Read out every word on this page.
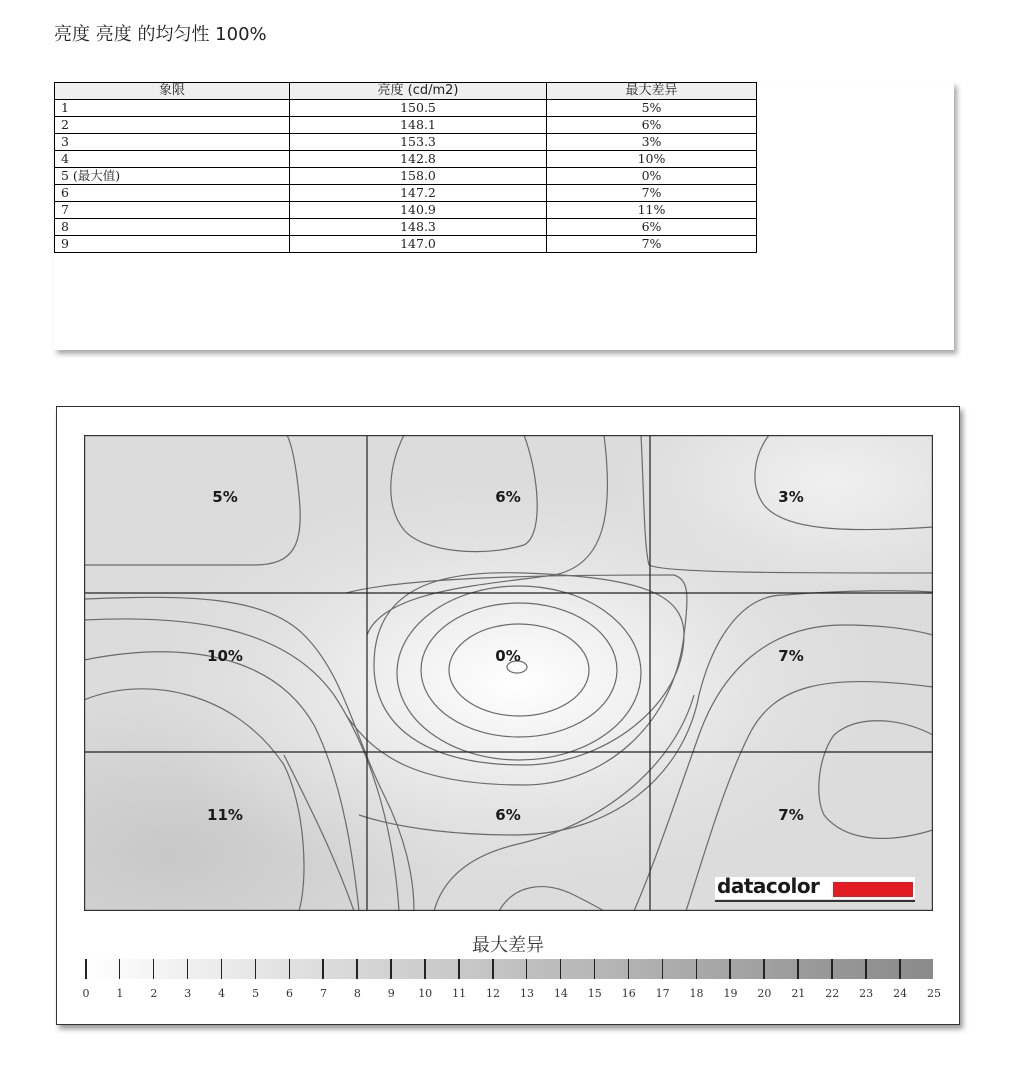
亮度 亮度 的均匀性 100%
象限	亮度 (cd/m2)	最大差异
1	150.5	5%
2	148.1	6%
3	153.3	3%
4	142.8	10%
5 (最大值)	158.0	0%
6	147.2	7%
7	140.9	11%
8	148.3	6%
9	147.0	7%
5%	6%	3%
10%	0%	7%
11%	6%	7%
datacolor
最大差异
0 1 2 3 4 5 6 7 8 9 10 11 12 13 14 15 16 17 18 19 20 21 22 23 24 25
